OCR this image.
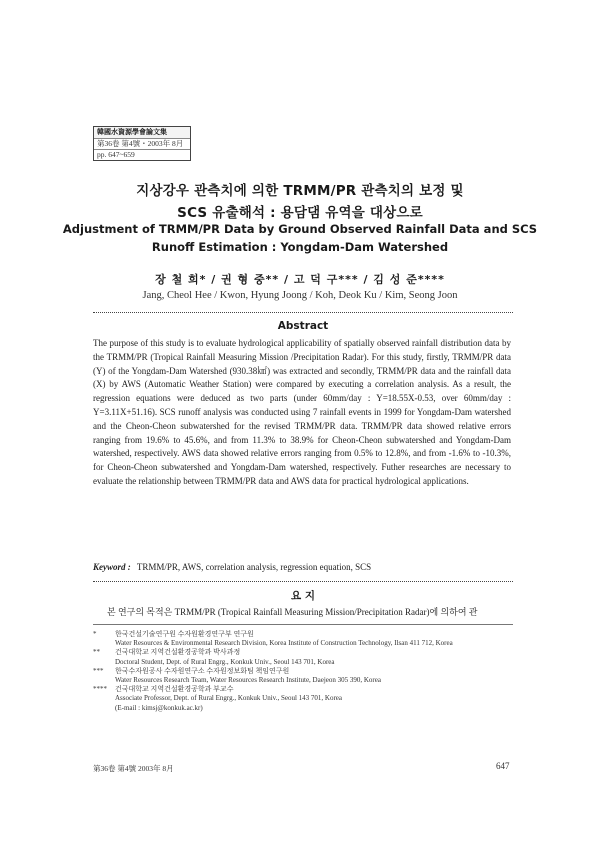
韓國水資源學會論文集
第36卷 第4號・2003年 8月
pp. 647~659
지상강우 관측치에 의한 TRMM/PR 관측치의 보정 및
SCS 유출해석 : 용담댐 유역을 대상으로
Adjustment of TRMM/PR Data by Ground Observed Rainfall Data and SCS
Runoff Estimation : Yongdam-Dam Watershed
장 철 희* / 권 형 중** / 고 덕 구*** / 김 성 준****
Jang, Cheol Hee / Kwon, Hyung Joong / Koh, Deok Ku / Kim, Seong Joon
Abstract

The purpose of this study is to evaluate hydrological applicability of spatially observed rainfall distribution data by the TRMM/PR (Tropical Rainfall Measuring Mission /Precipitation Radar). For this study, firstly, TRMM/PR data (Y) of the Yongdam-Dam Watershed (930.38㎢) was extracted and secondly, TRMM/PR data and the rainfall data (X) by AWS (Automatic Weather Station) were compared by executing a correlation analysis. As a result, the regression equations were deduced as two parts (under 60mm/day : Y=18.55X-0.53, over 60mm/day : Y=3.11X+51.16). SCS runoff analysis was conducted using 7 rainfall events in 1999 for Yongdam-Dam watershed and the Cheon-Cheon subwatershed for the revised TRMM/PR data. TRMM/PR data showed relative errors ranging from 19.6% to 45.6%, and from 11.3% to 38.9% for Cheon-Cheon subwatershed and Yongdam-Dam watershed, respectively. AWS data showed relative errors ranging from 0.5% to 12.8%, and from -1.6% to -10.3%, for Cheon-Cheon subwatershed and Yongdam-Dam watershed, respectively. Futher researches are necessary to evaluate the relationship between TRMM/PR data and AWS data for practical hydrological applications.

Keyword : TRMM/PR, AWS, correlation analysis, regression equation, SCS
요 지
본 연구의 목적은 TRMM/PR (Tropical Rainfall Measuring Mission/Precipitation Radar)에 의하여 관
*	한국건설기술연구원 수자원환경연구부 연구원
Water Resources & Environmental Research Division, Korea Institute of Construction Technology, Ilsan 411 712, Korea
**	건국대학교 지역건설환경공학과 박사과정
Doctoral Student, Dept. of Rural Engrg., Konkuk Univ., Seoul 143 701, Korea
***	한국수자원공사 수자원연구소 수자원정보화팀 책임연구원
Water Resources Research Team, Water Resources Research Institute, Daejeon 305 390, Korea
****	건국대학교 지역건설환경공학과 부교수
Associate Professor, Dept. of Rural Engrg., Konkuk Univ., Seoul 143 701, Korea
(E-mail : kimsj@konkuk.ac.kr)
第36卷 第4號 2003年 8月	647
